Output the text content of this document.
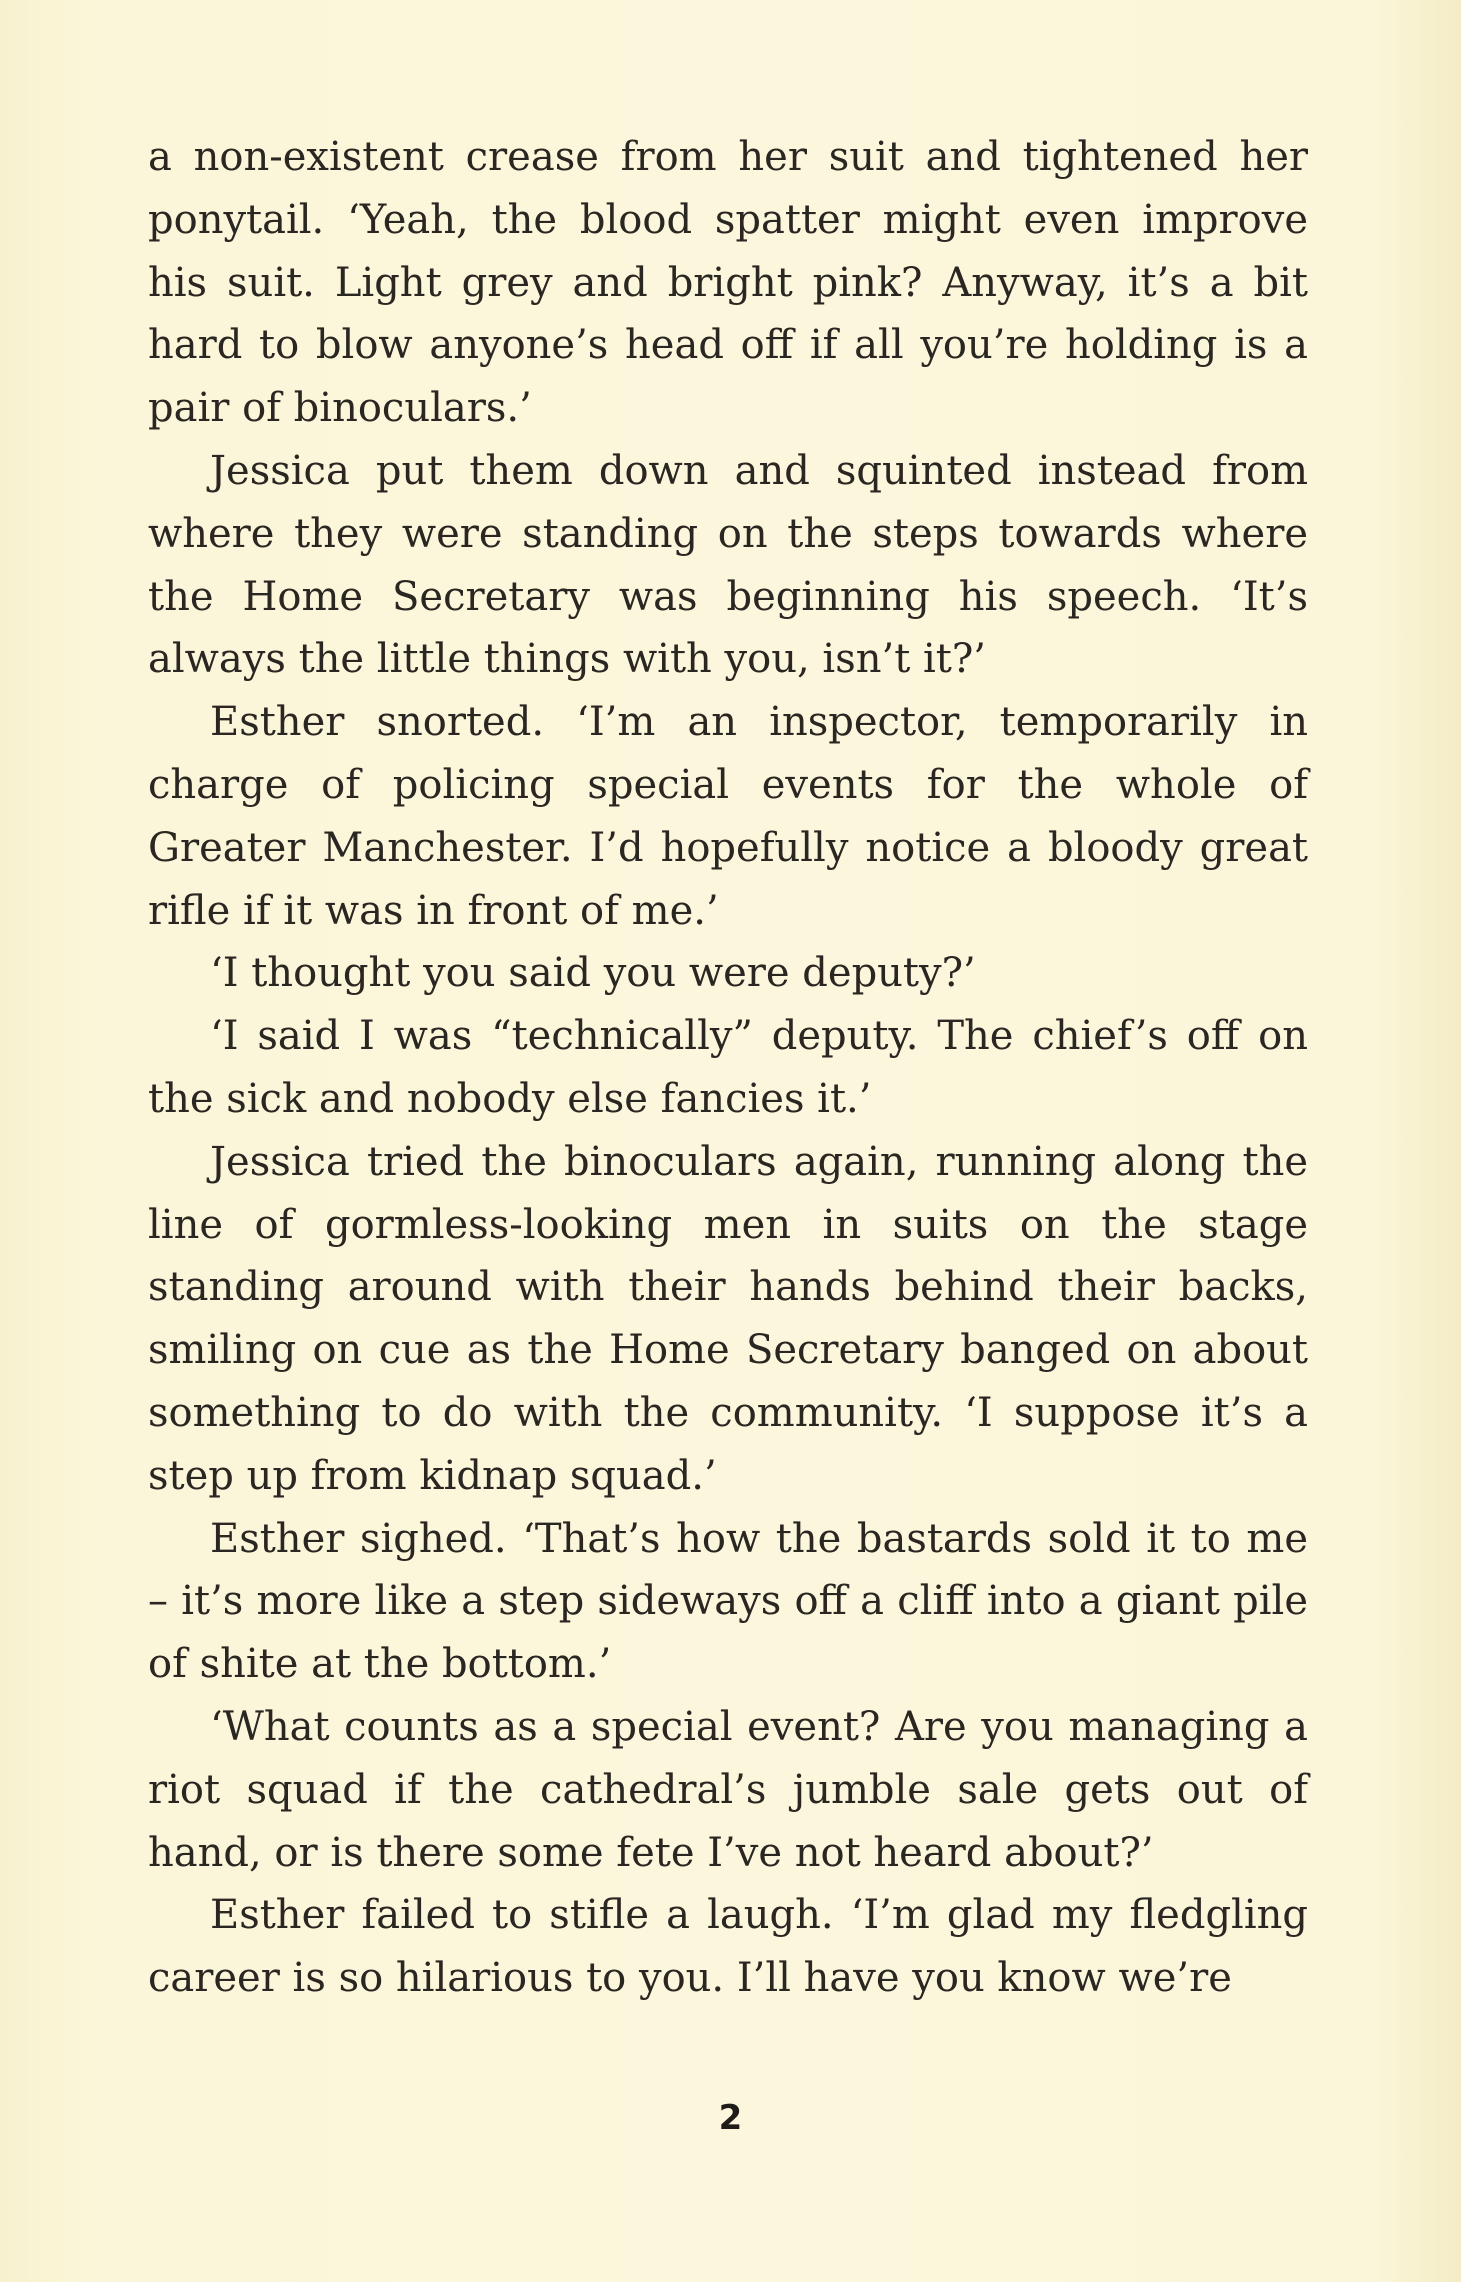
a non-existent crease from her suit and tightened her ponytail. ‘Yeah, the blood spatter might even improve his suit. Light grey and bright pink? Anyway, it’s a bit hard to blow anyone’s head off if all you’re holding is a pair of binoculars.’

Jessica put them down and squinted instead from where they were standing on the steps towards where the Home Secretary was beginning his speech. ‘It’s always the little things with you, isn’t it?’

Esther snorted. ‘I’m an inspector, temporarily in charge of policing special events for the whole of Greater Manchester. I’d hopefully notice a bloody great rifle if it was in front of me.’

‘I thought you said you were deputy?’

‘I said I was “technically” deputy. The chief’s off on the sick and nobody else fancies it.’

Jessica tried the binoculars again, running along the line of gormless-looking men in suits on the stage standing around with their hands behind their backs, smiling on cue as the Home Secretary banged on about something to do with the community. ‘I suppose it’s a step up from kidnap squad.’

Esther sighed. ‘That’s how the bastards sold it to me – it’s more like a step sideways off a cliff into a giant pile of shite at the bottom.’

‘What counts as a special event? Are you managing a riot squad if the cathedral’s jumble sale gets out of hand, or is there some fete I’ve not heard about?’

Esther failed to stifle a laugh. ‘I’m glad my fledgling career is so hilarious to you. I’ll have you know we’re

2
